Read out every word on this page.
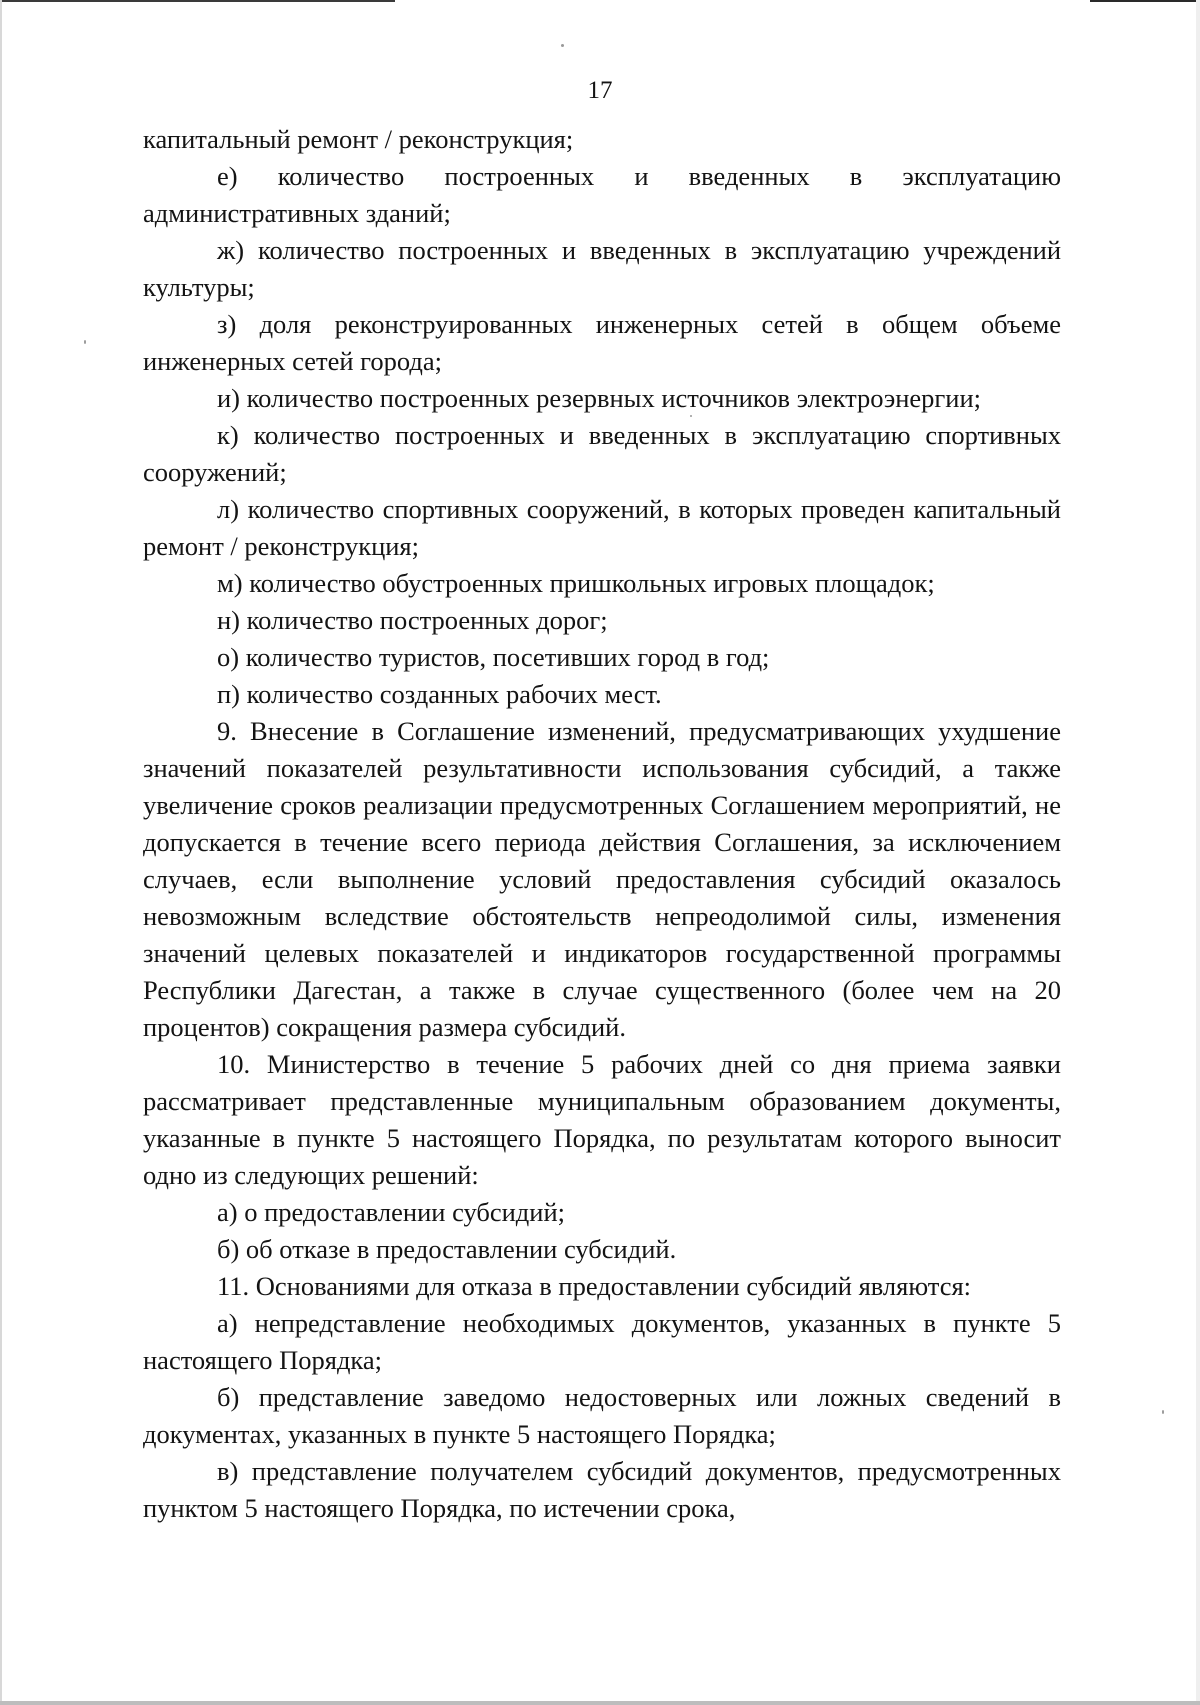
17

капитальный ремонт / реконструкция;

е) количество построенных и введенных в эксплуатацию административных зданий;

ж) количество построенных и введенных в эксплуатацию учреждений культуры;

з) доля реконструированных инженерных сетей в общем объеме инженерных сетей города;

и) количество построенных резервных источников электроэнергии;

к) количество построенных и введенных в эксплуатацию спортивных сооружений;

л) количество спортивных сооружений, в которых проведен капитальный ремонт / реконструкция;

м) количество обустроенных пришкольных игровых площадок;

н) количество построенных дорог;

о) количество туристов, посетивших город в год;

п) количество созданных рабочих мест.

9. Внесение в Соглашение изменений, предусматривающих ухудшение значений показателей результативности использования субсидий, а также увеличение сроков реализации предусмотренных Соглашением мероприятий, не допускается в течение всего периода действия Соглашения, за исключением случаев, если выполнение условий предоставления субсидий оказалось невозможным вследствие обстоятельств непреодолимой силы, изменения значений целевых показателей и индикаторов государственной программы Республики Дагестан, а также в случае существенного (более чем на 20 процентов) сокращения размера субсидий.

10. Министерство в течение 5 рабочих дней со дня приема заявки рассматривает представленные муниципальным образованием документы, указанные в пункте 5 настоящего Порядка, по результатам которого выносит одно из следующих решений:

а) о предоставлении субсидий;

б) об отказе в предоставлении субсидий.

11. Основаниями для отказа в предоставлении субсидий являются:

а) непредставление необходимых документов, указанных в пункте 5 настоящего Порядка;

б) представление заведомо недостоверных или ложных сведений в документах, указанных в пункте 5 настоящего Порядка;

в) представление получателем субсидий документов, предусмотренных пунктом 5 настоящего Порядка, по истечении срока,
